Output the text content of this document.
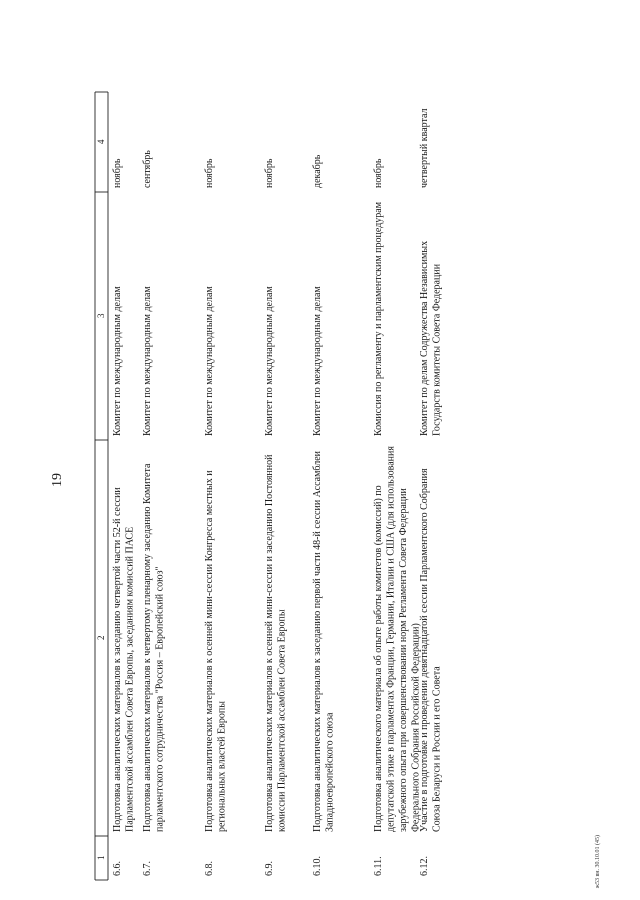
19
1
2
3
4
6.6.
Подготовка аналитических материалов к заседанию четвертой части 52-й сессии Парламентской ассамблеи Совета Европы, заседаниям комиссий ПАСЕ
Комитет по международным делам
ноябрь
6.7.
Подготовка аналитических материалов к четвертому пленарному заседанию Комитета парламентского сотрудничества "Россия – Европейский союз"
Комитет по международным делам
сентябрь
6.8.
Подготовка аналитических материалов к осенней мини-сессии Конгресса местных и региональных властей Европы
Комитет по международным делам
ноябрь
6.9.
Подготовка аналитических материалов к осенней мини-сессии и заседанию Постоянной комиссии Парламентской ассамблеи Совета Европы
Комитет по международным делам
ноябрь
6.10.
Подготовка аналитических материалов к заседанию первой части 48-й сессии Ассамблеи Западноевропейского союза
Комитет по международным делам
декабрь
6.11.
Подготовка аналитического материала об опыте работы комитетов (комиссий) по депутатской этике в парламентах Франции, Германии, Италии и США (для использования зарубежного опыта при совершенствовании норм Регламента Совета Федерации Федерального Собрания Российской Федерации)
Комиссия по регламенту и парламентским процедурам
ноябрь
6.12.
Участие в подготовке и проведении девятнадцатой сессии Парламентского Собрания Союза Беларуси и России и его Совета
Комитет по делам Содружества Независимых Государств комитеты Совета Федерации
четвертый квартал
ж53 вн. 30.10.01 (45)
